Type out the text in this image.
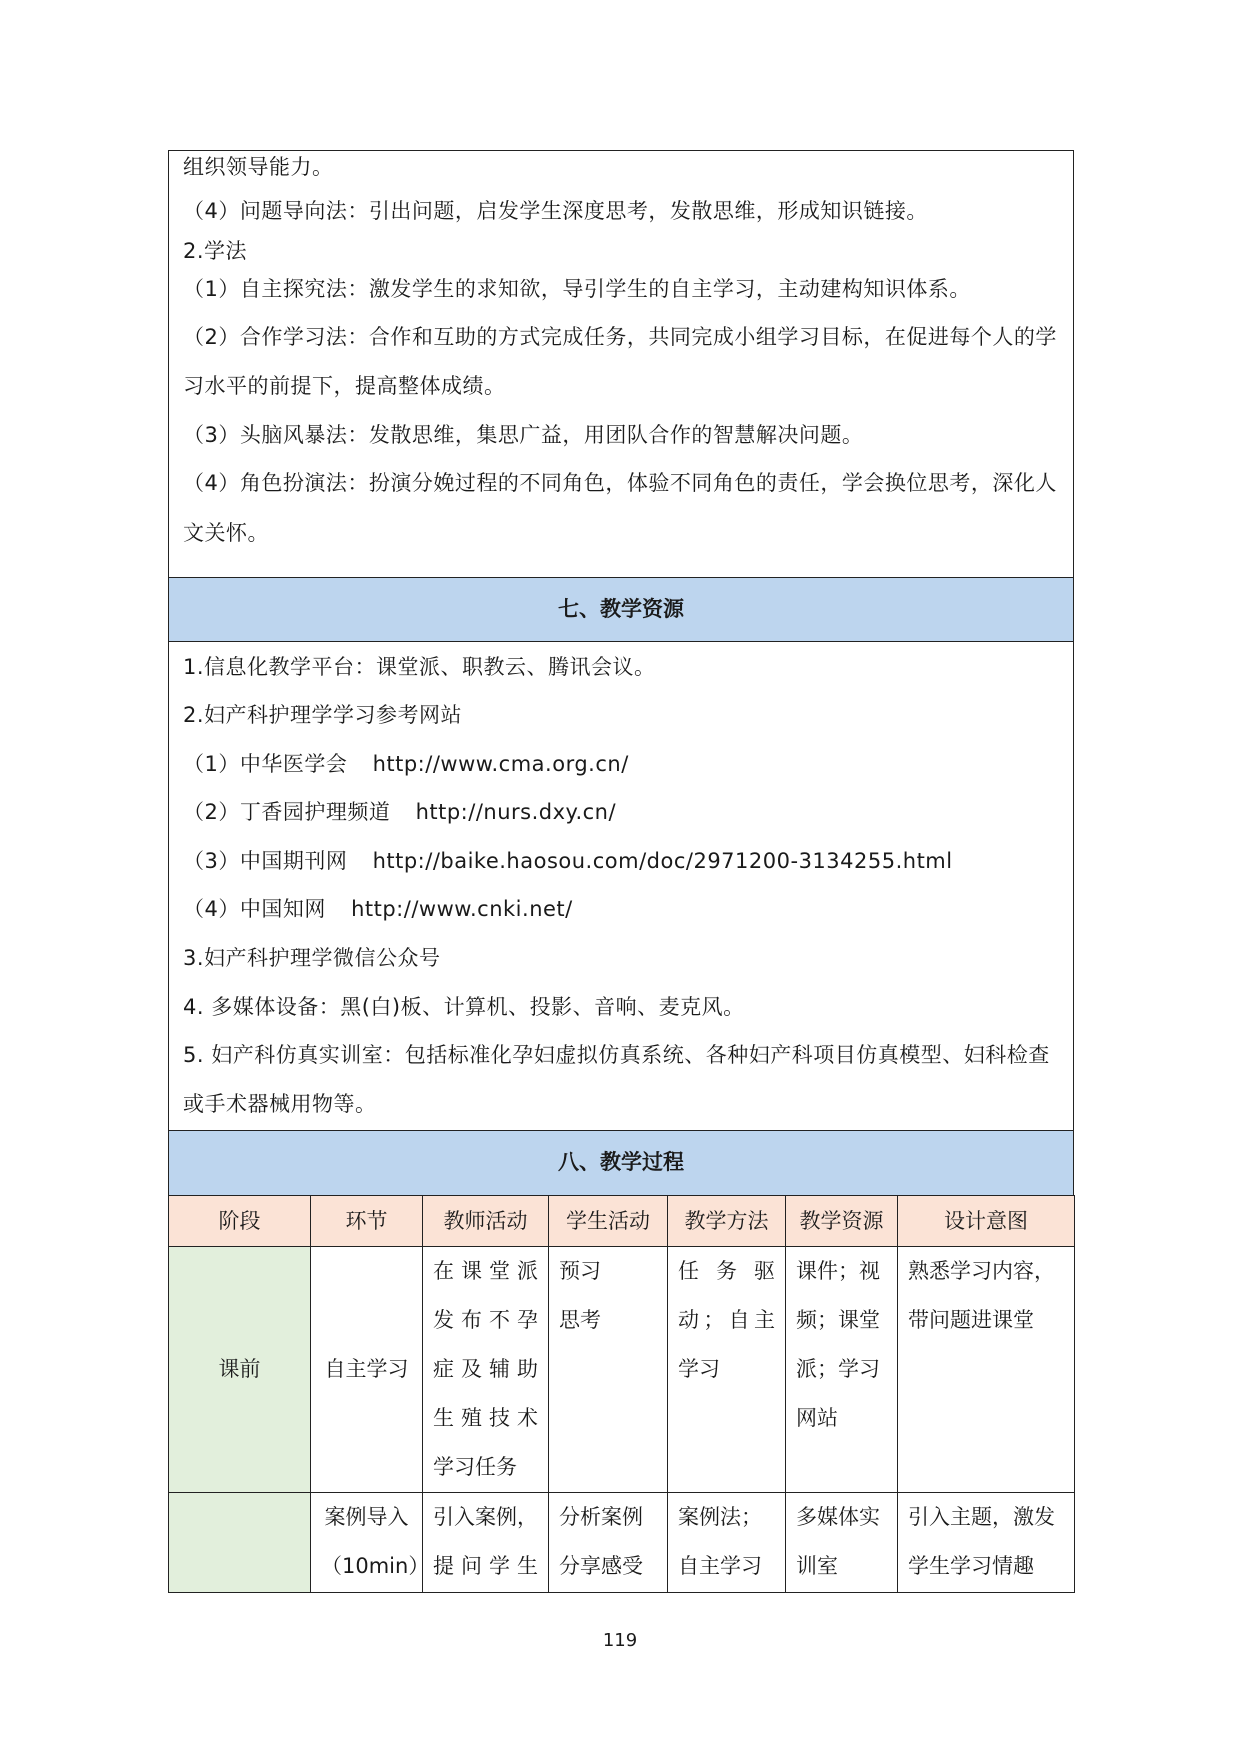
组织领导能力。
（4）问题导向法：引出问题，启发学生深度思考，发散思维，形成知识链接。
2.学法
（1）自主探究法：激发学生的求知欲，导引学生的自主学习，主动建构知识体系。
（2）合作学习法：合作和互助的方式完成任务，共同完成小组学习目标，在促进每个人的学
习水平的前提下，提高整体成绩。
（3）头脑风暴法：发散思维，集思广益，用团队合作的智慧解决问题。
（4）角色扮演法：扮演分娩过程的不同角色，体验不同角色的责任，学会换位思考，深化人
文关怀。
七、教学资源
1.信息化教学平台：课堂派、职教云、腾讯会议。
2.妇产科护理学学习参考网站
（1）中华医学会 http://www.cma.org.cn/
（2）丁香园护理频道 http://nurs.dxy.cn/
（3）中国期刊网 http://baike.haosou.com/doc/2971200-3134255.html
（4）中国知网 http://www.cnki.net/
3.妇产科护理学微信公众号
4. 多媒体设备：黑(白)板、计算机、投影、音响、麦克风。
5. 妇产科仿真实训室：包括标准化孕妇虚拟仿真系统、各种妇产科项目仿真模型、妇科检查
或手术器械用物等。
八、教学过程
阶段	环节	教师活动	学生活动	教学方法	教学资源	设计意图
课前	自主学习	在课堂派
发布不孕
症及辅助
生殖技术
学习任务	预习
思考	任务驱
动；自主
学习	课件；视
频；课堂
派；学习
网站	熟悉学习内容，
带问题进课堂

	案例导入
（10min）	引入案例，
提问学生	分析案例
分享感受	案例法；
自主学习	多媒体实
训室	引入主题，激发
学生学习情趣
119
